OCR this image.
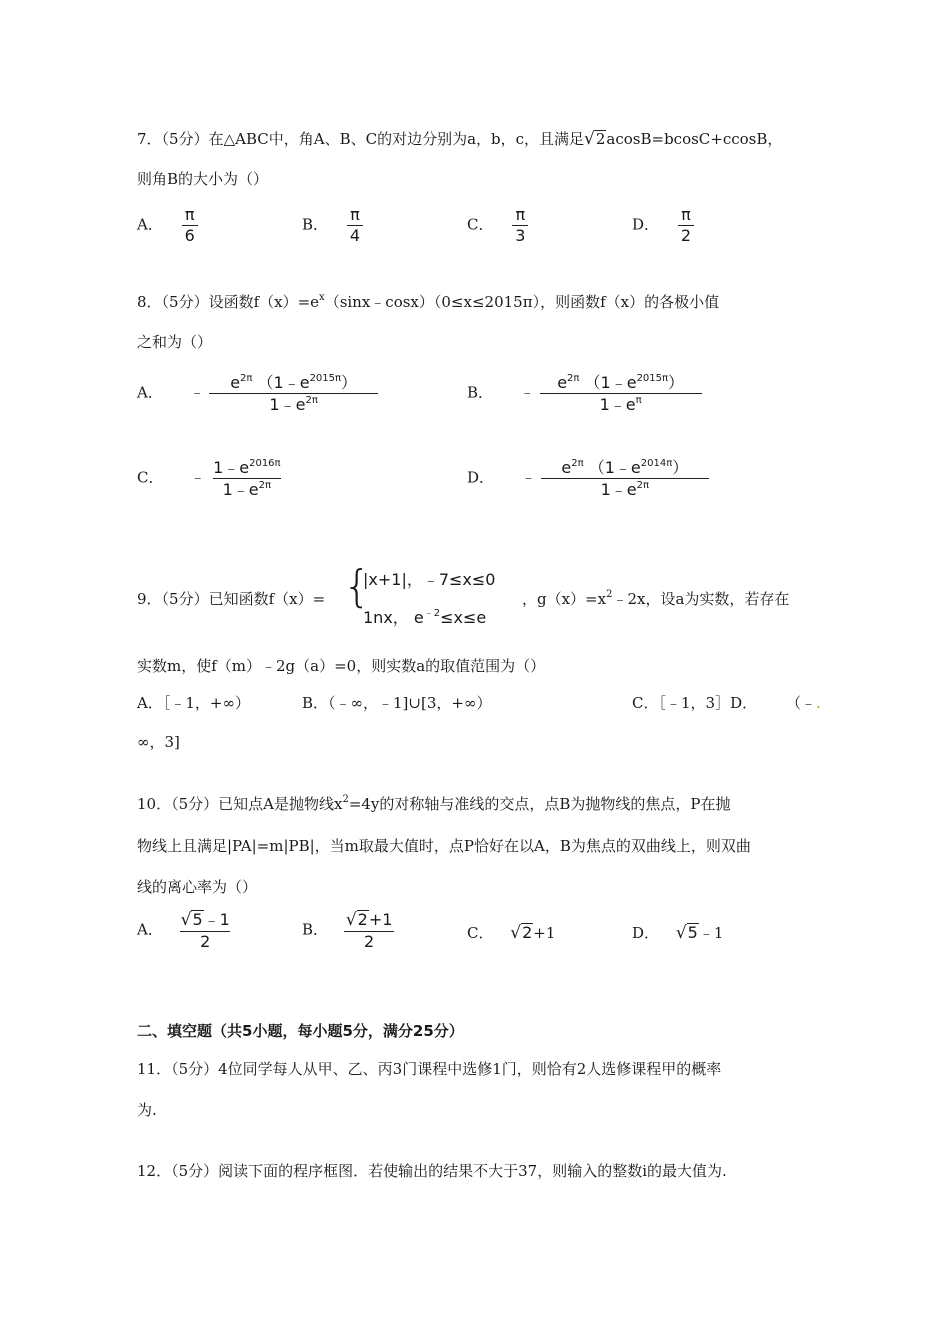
7．（5分）在△ABC中，角A、B、C的对边分别为a，b，c，且满足√2acosB=bcosC+ccosB，
则角B的大小为（）
A． $\frac{\pi}{6}$	B． $\frac{\pi}{4}$	C． $\frac{\pi}{3}$	D． $\frac{\pi}{2}$
8．（5分）设函数$f(x)=e^x(\sin x﹣\cos x)(0\le x\le 2015\pi)$，则函数f（x）的各极小值
之和为（）
A． ﹣ $\frac{e^{2\pi} (1﹣e^{2015\pi})}{1﹣e^{2\pi}}$	B． ﹣ $\frac{e^{2\pi} (1﹣e^{2015\pi})}{1﹣e^\pi}$
C． ﹣ $\frac{1﹣e^{2016\pi}}{1﹣e^{2\pi}}$	D． ﹣ $\frac{e^{2\pi} (1﹣e^{2014\pi})}{1﹣e^{2\pi}}$
9．（5分）已知函数f（x）= {
|x+1|，﹣7≤x≤0
1nx， $e^{﹣2}\le x\le e$
，$g(x)=x^2﹣2x$，设a为实数，若存在
实数m，使f（m）﹣2g（a）=0，则实数a的取值范围为（）
A．［﹣1，+∞）	B．（﹣∞，﹣1]∪[3，+∞）	C．［﹣1，3］D． （﹣.
∞，3]
10．（5分）已知点A是抛物线$x^2=4y$的对称轴与准线的交点，点B为抛物线的焦点，P在抛
物线上且满足|PA|=m|PB|，当m取最大值时，点P恰好在以A，B为焦点的双曲线上，则双曲
线的离心率为（）
A． $\frac{√5﹣1}{2}$	B． $\frac{√2+1}{2}$	C． √2+1	D． √5﹣1
二、填空题（共5小题，每小题5分，满分25分）
11．（5分）4位同学每人从甲、乙、丙3门课程中选修1门，则恰有2人选修课程甲的概率
为.
12．（5分）阅读下面的程序框图．若使输出的结果不大于37，则输入的整数i的最大值为.
